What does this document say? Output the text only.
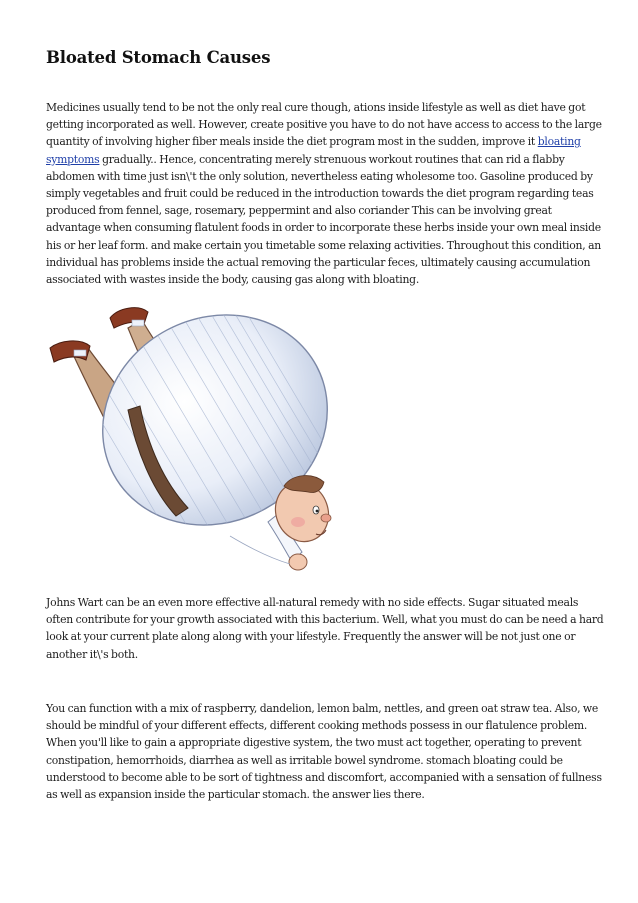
Bloated Stomach Causes

Medicines usually tend to be not the only real cure though, ations inside lifestyle as well as diet have got getting incorporated as well. However, create positive you have to do not have access to access to the large quantity of involving higher fiber meals inside the diet program most in the sudden, improve it bloating symptoms gradually.. Hence, concentrating merely strenuous workout routines that can rid a flabby abdomen with time just isn\'t the only solution, nevertheless eating wholesome too. Gasoline produced by simply vegetables and fruit could be reduced in the introduction towards the diet program regarding teas produced from fennel, sage, rosemary, peppermint and also coriander This can be involving great advantage when consuming flatulent foods in order to incorporate these herbs inside your own meal inside his or her leaf form. and make certain you timetable some relaxing activities. Throughout this condition, an individual has problems inside the actual removing the particular feces, ultimately causing accumulation associated with wastes inside the body, causing gas along with bloating.

Johns Wart can be an even more effective all-natural remedy with no side effects. Sugar situated meals often contribute for your growth associated with this bacterium. Well, what you must do can be need a hard look at your current plate along along with your lifestyle. Frequently the answer will be not just one or another it\'s both.

You can function with a mix of raspberry, dandelion, lemon balm, nettles, and green oat straw tea. Also, we should be mindful of your different effects, different cooking methods possess in our flatulence problem. When you'll like to gain a appropriate digestive system, the two must act together, operating to prevent constipation, hemorrhoids, diarrhea as well as irritable bowel syndrome. stomach bloating could be understood to become able to be sort of tightness and discomfort, accompanied with a sensation of fullness as well as expansion inside the particular stomach. the answer lies there.
